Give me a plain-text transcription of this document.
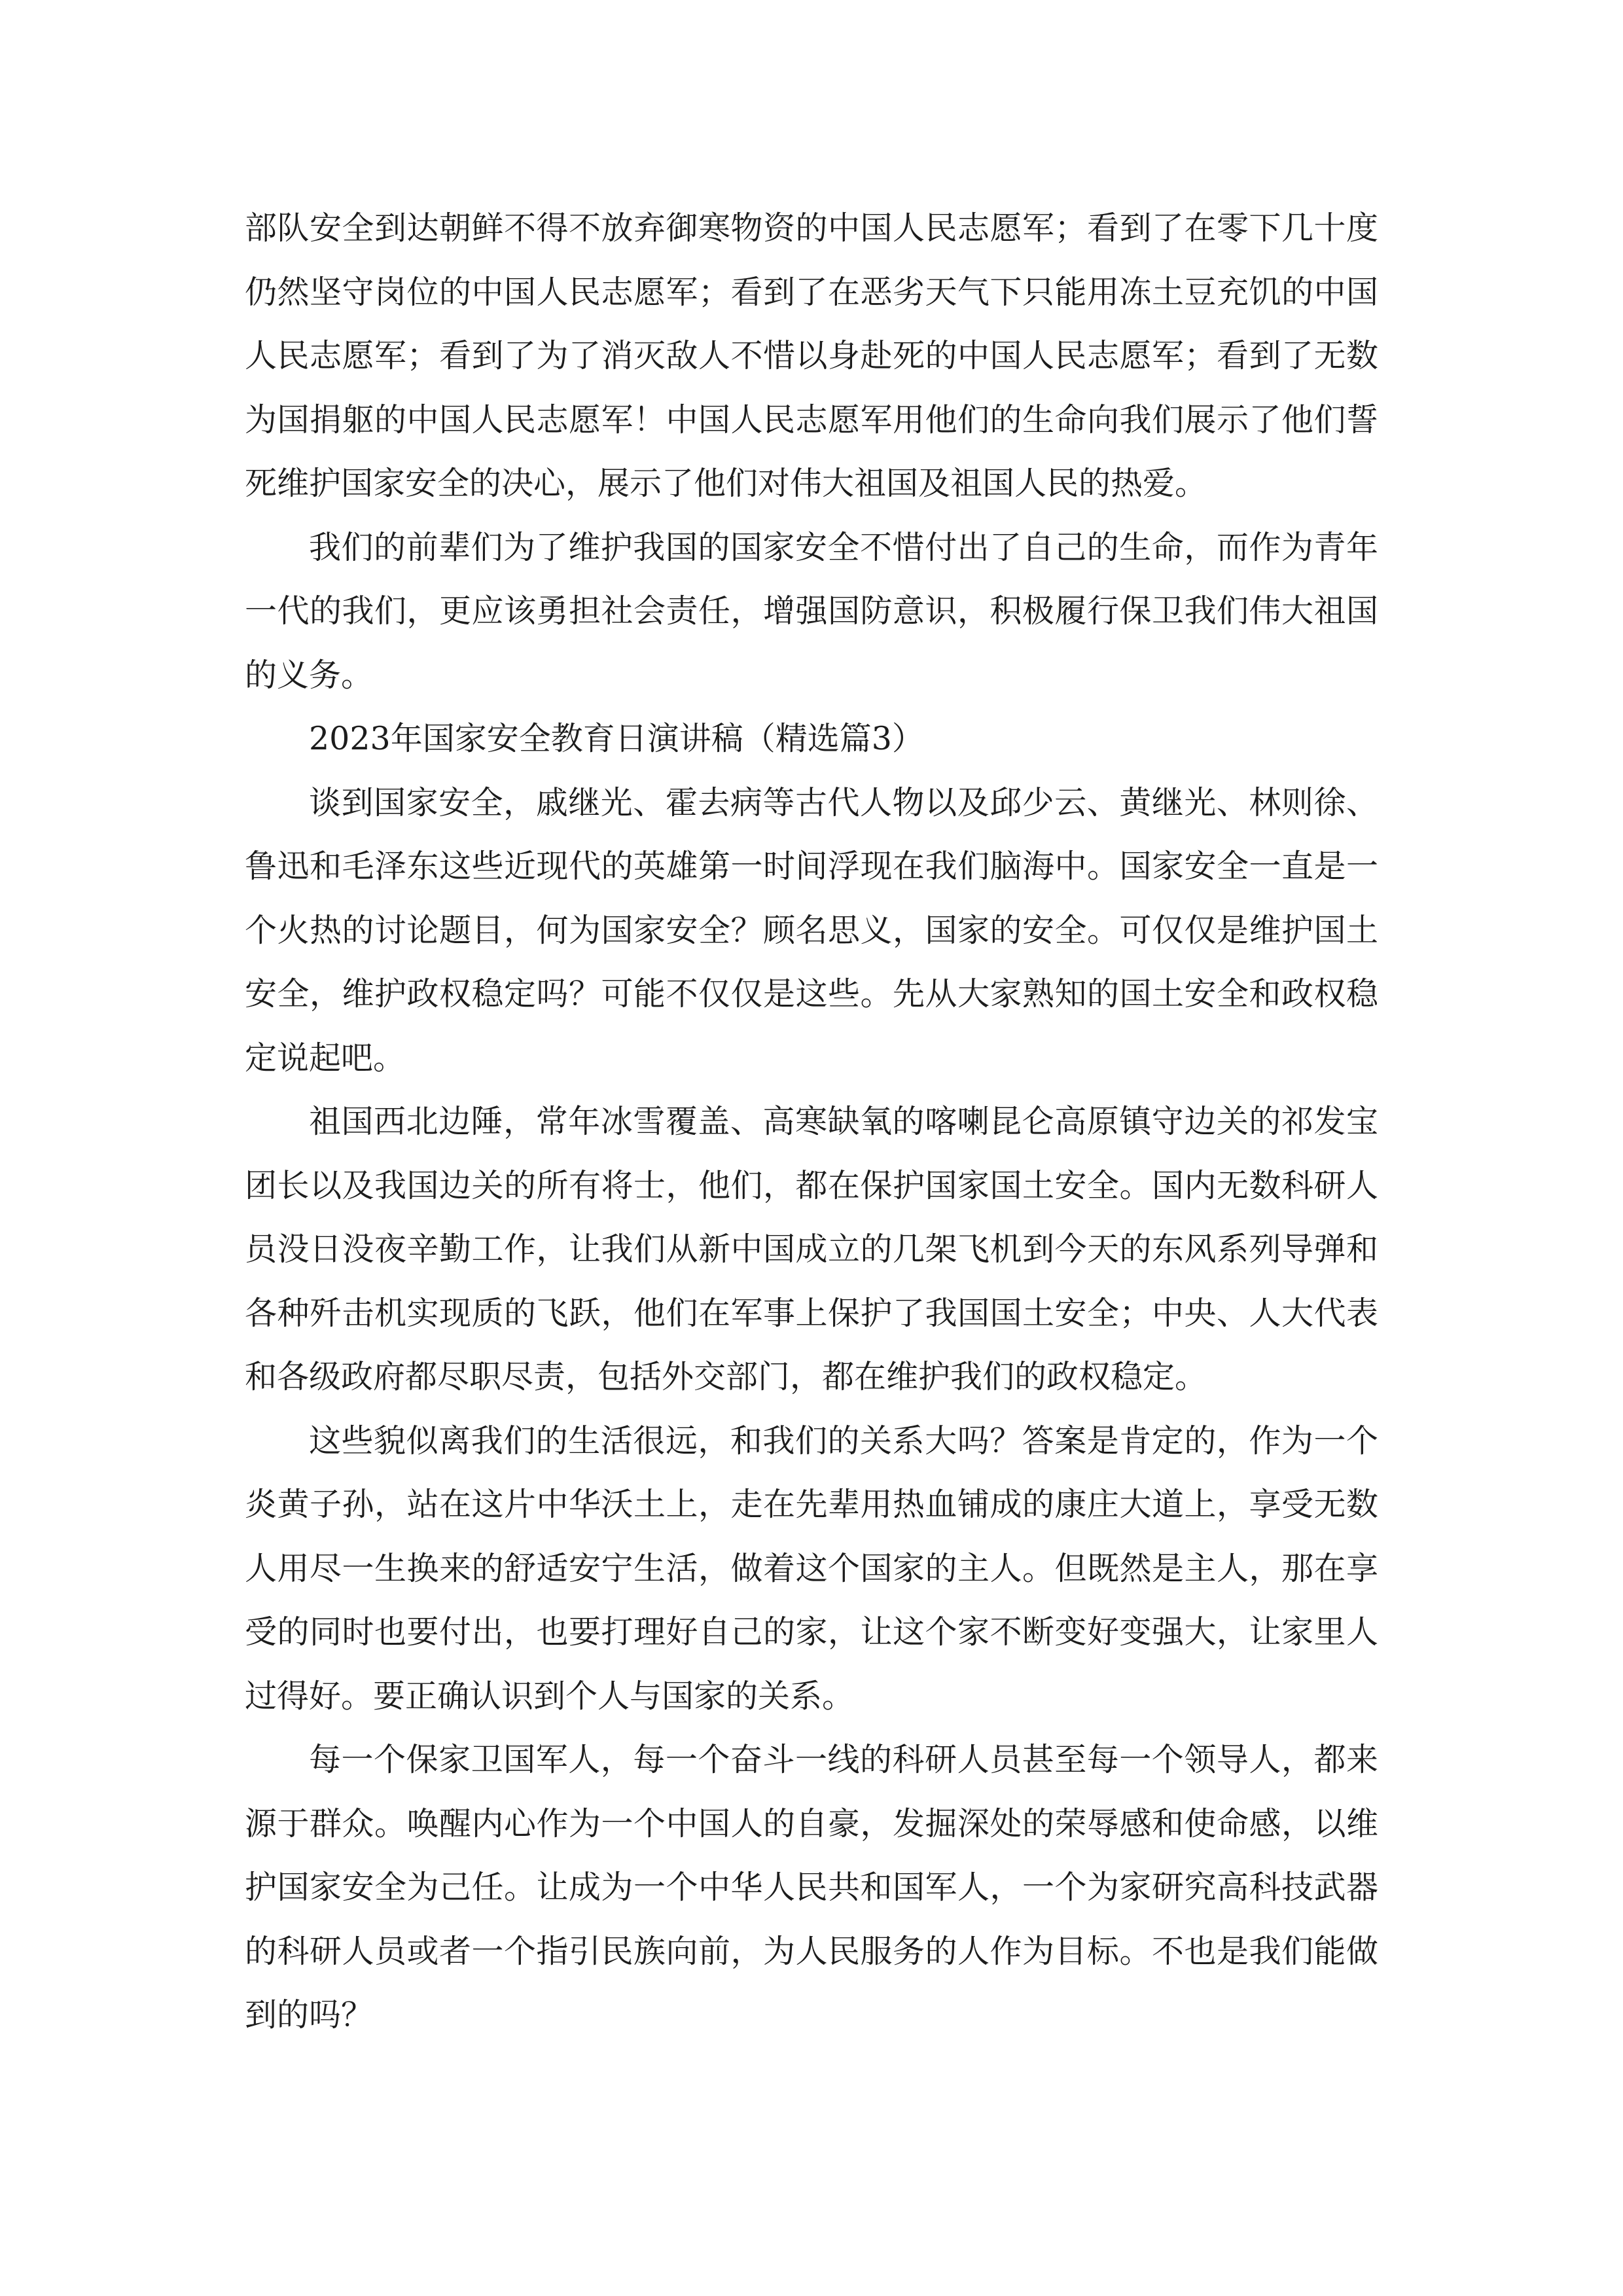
部队安全到达朝鲜不得不放弃御寒物资的中国人民志愿军；看到了在零下几十度仍然坚守岗位的中国人民志愿军；看到了在恶劣天气下只能用冻土豆充饥的中国人民志愿军；看到了为了消灭敌人不惜以身赴死的中国人民志愿军；看到了无数为国捐躯的中国人民志愿军！中国人民志愿军用他们的生命向我们展示了他们誓死维护国家安全的决心，展示了他们对伟大祖国及祖国人民的热爱。

我们的前辈们为了维护我国的国家安全不惜付出了自己的生命，而作为青年一代的我们，更应该勇担社会责任，增强国防意识，积极履行保卫我们伟大祖国的义务。

2023年国家安全教育日演讲稿（精选篇3）

谈到国家安全，戚继光、霍去病等古代人物以及邱少云、黄继光、林则徐、鲁迅和毛泽东这些近现代的英雄第一时间浮现在我们脑海中。国家安全一直是一个火热的讨论题目，何为国家安全？顾名思义，国家的安全。可仅仅是维护国土安全，维护政权稳定吗？可能不仅仅是这些。先从大家熟知的国土安全和政权稳定说起吧。

祖国西北边陲，常年冰雪覆盖、高寒缺氧的喀喇昆仑高原镇守边关的祁发宝团长以及我国边关的所有将士，他们，都在保护国家国土安全。国内无数科研人员没日没夜辛勤工作，让我们从新中国成立的几架飞机到今天的东风系列导弹和各种歼击机实现质的飞跃，他们在军事上保护了我国国土安全；中央、人大代表和各级政府都尽职尽责，包括外交部门，都在维护我们的政权稳定。

这些貌似离我们的生活很远，和我们的关系大吗？答案是肯定的，作为一个炎黄子孙，站在这片中华沃土上，走在先辈用热血铺成的康庄大道上，享受无数人用尽一生换来的舒适安宁生活，做着这个国家的主人。但既然是主人，那在享受的同时也要付出，也要打理好自己的家，让这个家不断变好变强大，让家里人过得好。要正确认识到个人与国家的关系。

每一个保家卫国军人，每一个奋斗一线的科研人员甚至每一个领导人，都来源于群众。唤醒内心作为一个中国人的自豪，发掘深处的荣辱感和使命感，以维护国家安全为己任。让成为一个中华人民共和国军人，一个为家研究高科技武器的科研人员或者一个指引民族向前，为人民服务的人作为目标。不也是我们能做到的吗？
